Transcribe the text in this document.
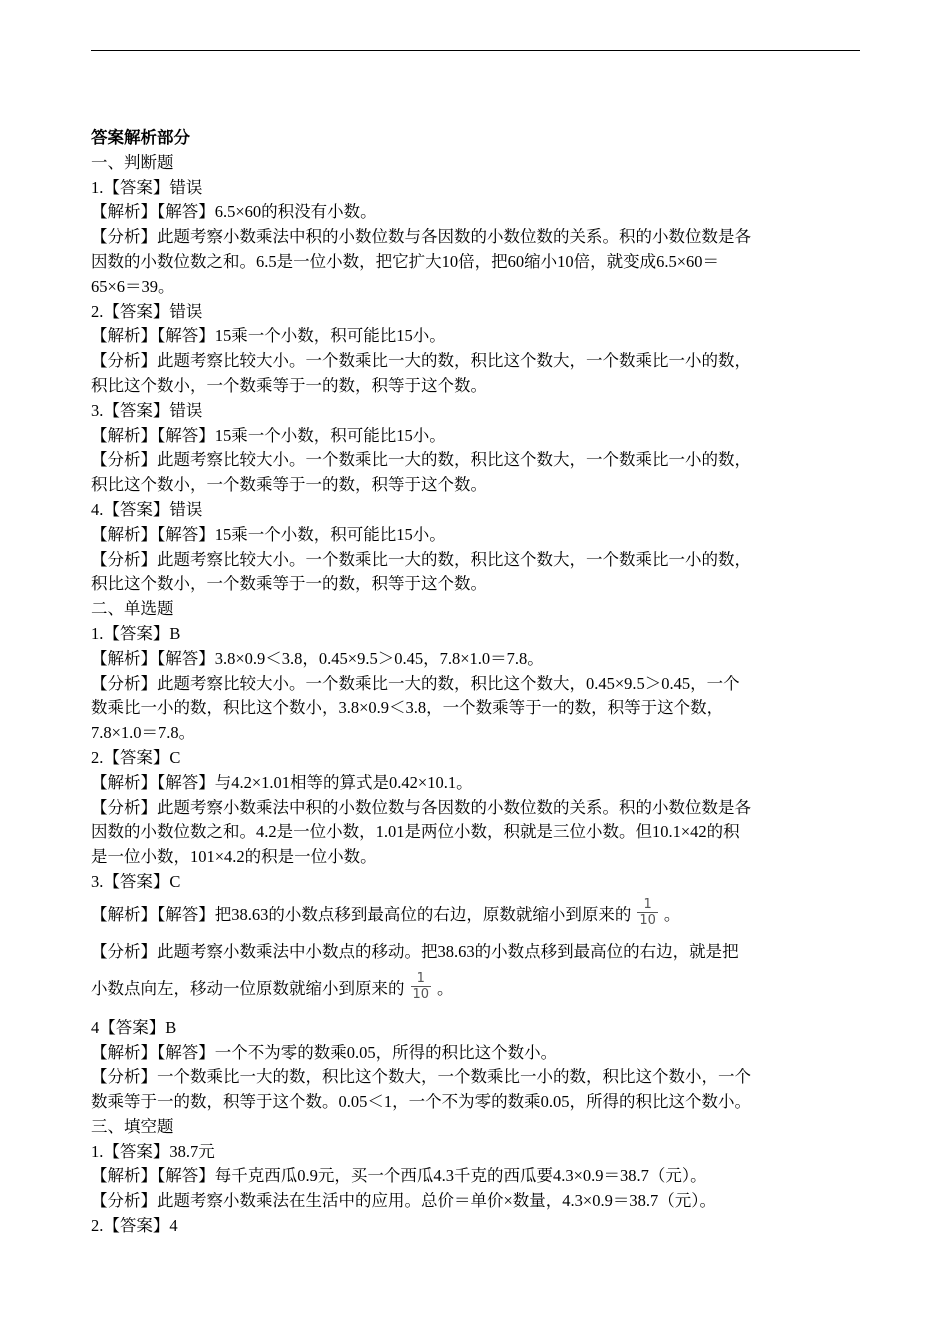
答案解析部分
一、判断题
1.【答案】错误
【解析】【解答】6.5×60的积没有小数。
【分析】此题考察小数乘法中积的小数位数与各因数的小数位数的关系。积的小数位数是各
因数的小数位数之和。6.5是一位小数，把它扩大10倍，把60缩小10倍，就变成6.5×60＝
65×6＝39。
2.【答案】错误
【解析】【解答】15乘一个小数，积可能比15小。
【分析】此题考察比较大小。一个数乘比一大的数，积比这个数大，一个数乘比一小的数，
积比这个数小，一个数乘等于一的数，积等于这个数。
3.【答案】错误
【解析】【解答】15乘一个小数，积可能比15小。
【分析】此题考察比较大小。一个数乘比一大的数，积比这个数大，一个数乘比一小的数，
积比这个数小，一个数乘等于一的数，积等于这个数。
4.【答案】错误
【解析】【解答】15乘一个小数，积可能比15小。
【分析】此题考察比较大小。一个数乘比一大的数，积比这个数大，一个数乘比一小的数，
积比这个数小，一个数乘等于一的数，积等于这个数。
二、单选题
1.【答案】B
【解析】【解答】3.8×0.9＜3.8，0.45×9.5＞0.45，7.8×1.0＝7.8。
【分析】此题考察比较大小。一个数乘比一大的数，积比这个数大，0.45×9.5＞0.45，一个
数乘比一小的数，积比这个数小，3.8×0.9＜3.8，一个数乘等于一的数，积等于这个数，
7.8×1.0＝7.8。
2.【答案】C
【解析】【解答】与4.2×1.01相等的算式是0.42×10.1。
【分析】此题考察小数乘法中积的小数位数与各因数的小数位数的关系。积的小数位数是各
因数的小数位数之和。4.2是一位小数，1.01是两位小数，积就是三位小数。但10.1×42的积
是一位小数，101×4.2的积是一位小数。
3.【答案】C
【解析】【解答】把38.63的小数点移到最高位的右边，原数就缩小到原来的 $\frac{1}{10}$ 。
【分析】此题考察小数乘法中小数点的移动。把38.63的小数点移到最高位的右边，就是把
小数点向左，移动一位原数就缩小到原来的 $\frac{1}{10}$ 。
4【答案】B
【解析】【解答】一个不为零的数乘0.05，所得的积比这个数小。
【分析】一个数乘比一大的数，积比这个数大，一个数乘比一小的数，积比这个数小，一个
数乘等于一的数，积等于这个数。0.05＜1，一个不为零的数乘0.05，所得的积比这个数小。
三、填空题
1.【答案】38.7元
【解析】【解答】每千克西瓜0.9元，买一个西瓜4.3千克的西瓜要4.3×0.9＝38.7（元）。
【分析】此题考察小数乘法在生活中的应用。总价＝单价×数量，4.3×0.9＝38.7（元）。
2.【答案】4
